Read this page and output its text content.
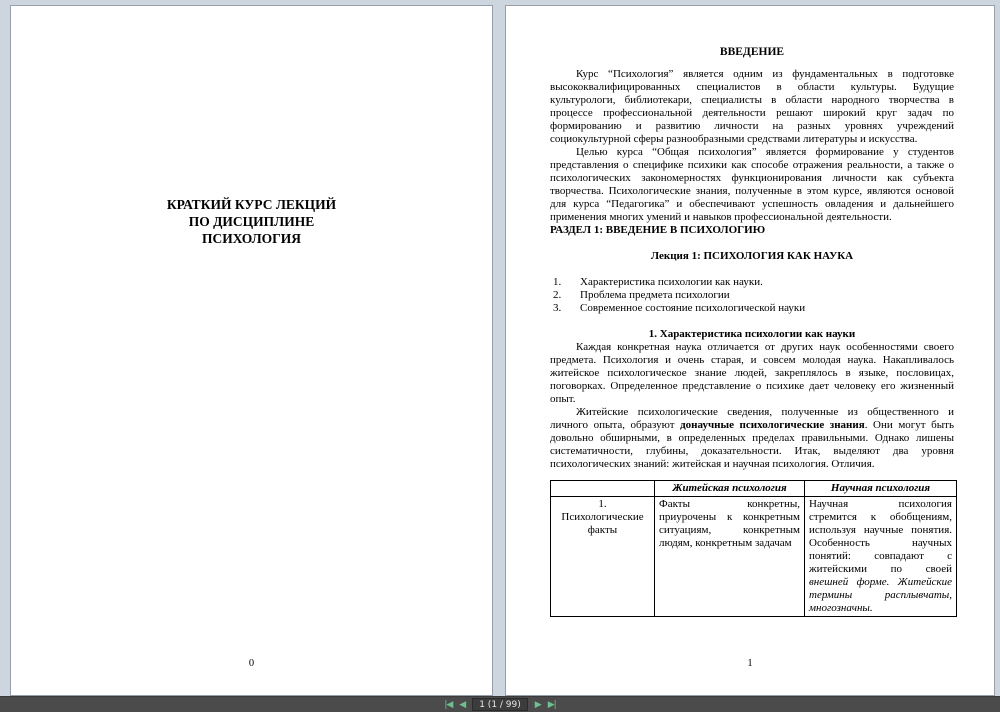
КРАТКИЙ КУРС ЛЕКЦИЙ
ПО ДИСЦИПЛИНЕ
ПСИХОЛОГИЯ
0
ВВЕДЕНИЕ

Курс “Психология” является одним из фундаментальных в подготовке высококвалифицированных специалистов в области культуры. Будущие культурологи, библиотекари, специалисты в области народного творчества в процессе профессиональной деятельности решают широкий круг задач по формированию и развитию личности на разных уровнях учреждений социокультурной сферы разнообразными средствами литературы и искусства.

Целью курса “Общая психология” является формирование у студентов представления о специфике психики как способе отражения реальности, а также о психологических закономерностях функционирования личности как субъекта творчества. Психологические знания, полученные в этом курсе, являются основой для курса “Педагогика” и обеспечивают успешность овладения и дальнейшего применения многих умений и навыков профессиональной деятельности.

РАЗДЕЛ 1: ВВЕДЕНИЕ В ПСИХОЛОГИЮ
Лекция 1: ПСИХОЛОГИЯ КАК НАУКА
1.	Характеристика психологии как науки.
2.	Проблема предмета психологии
3.	Современное состояние психологической науки
1. Характеристика психологии как науки

Каждая конкретная наука отличается от других наук особенностями своего предмета. Психология и очень старая, и совсем молодая наука. Накапливалось житейское психологическое знание людей, закреплялось в языке, пословицах, поговорках. Определенное представление о психике дает человеку его жизненный опыт.

Житейские психологические сведения, полученные из общественного и личного опыта, образуют донаучные психологические знания. Они могут быть довольно обширными, в определенных пределах правильными. Однако лишены систематичности, глубины, доказательности. Итак, выделяют два уровня психологических знаний: житейская и научная психология. Отличия.

	Житейская психология	Научная психология

1.
Психологические
факты	Факты конкретны, приурочены к конкретным ситуациям, конкретным людям, конкретным задачам	Научная психология стремится к обобщениям, используя научные понятия. Особенность научных понятий: совпадают с житейскими по своей внешней форме. Житейские термины расплывчаты, многозначны.
1
|◀ ◀	1 (1 / 99)	▶ ▶|
